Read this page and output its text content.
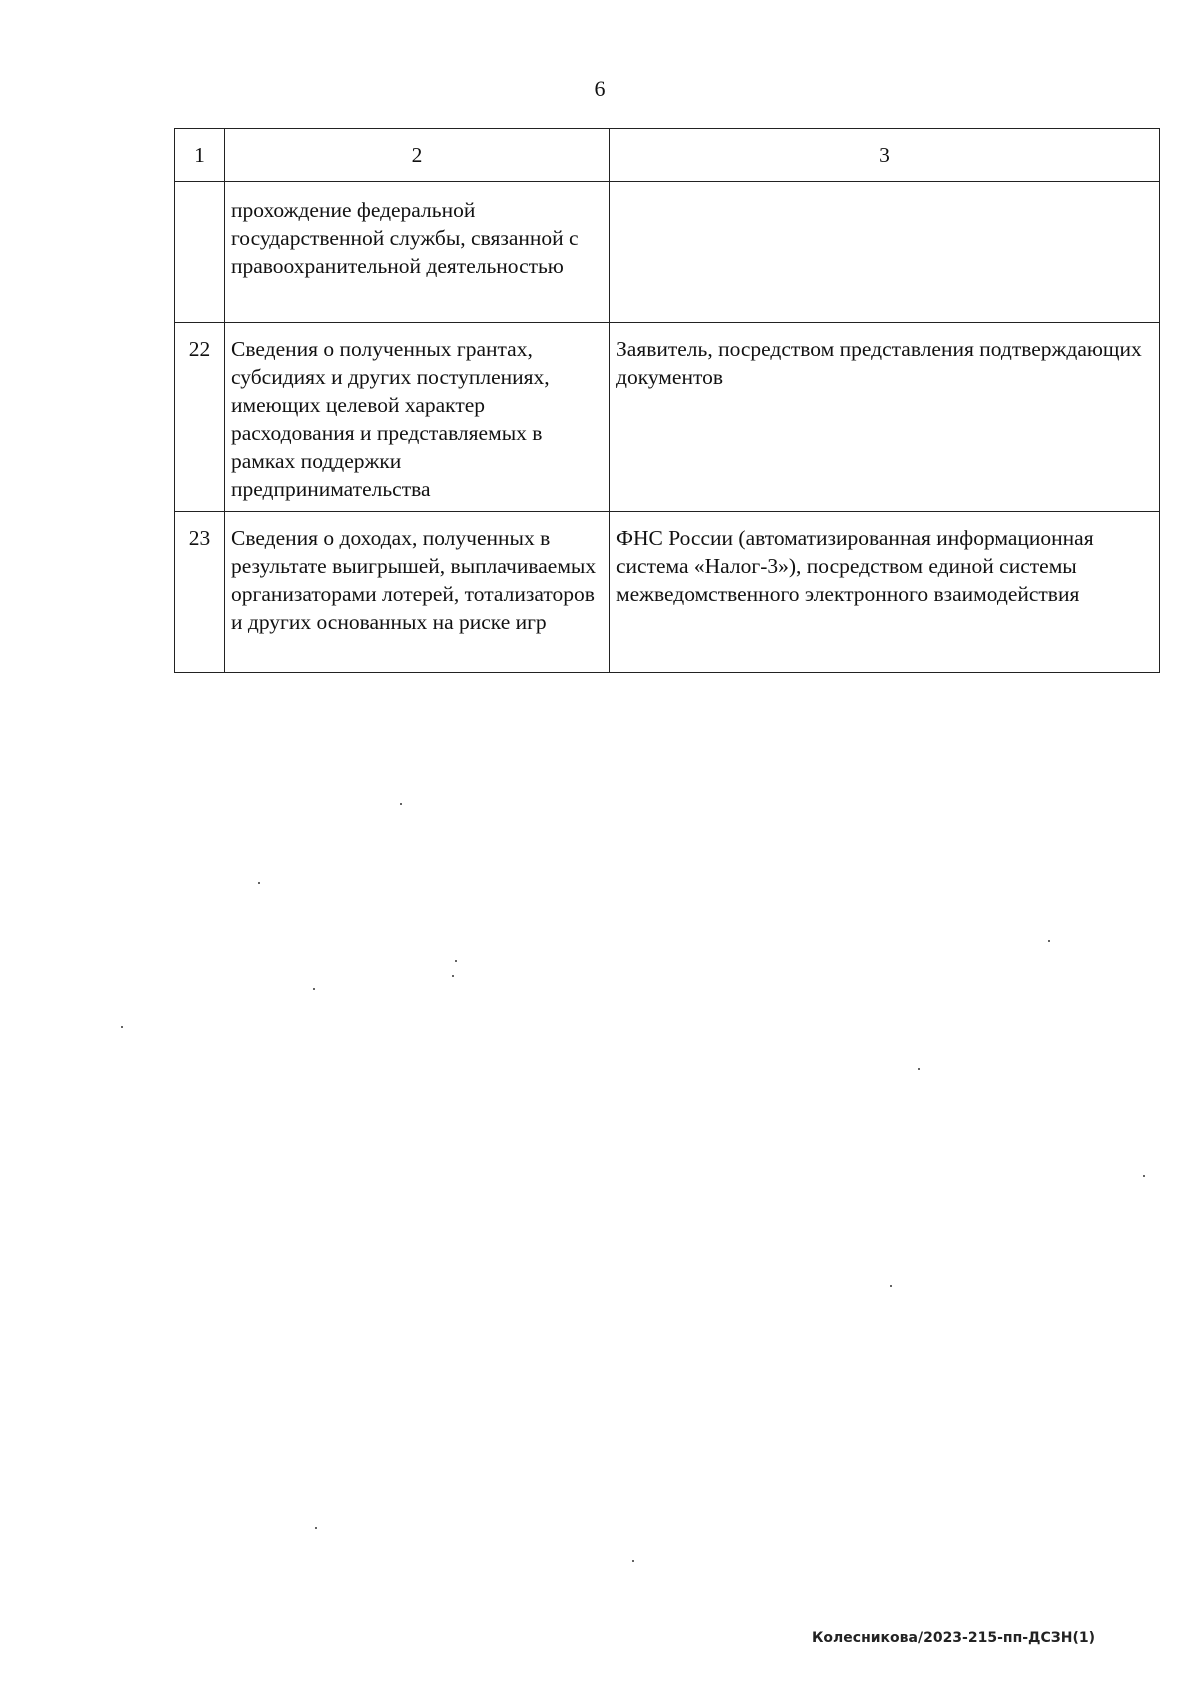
6
1	2	3

	прохождение федеральной государственной службы, связанной с правоохранительной деятельностью	

22	Сведения о полученных грантах, субсидиях и других поступлениях, имеющих целевой характер расходования и представляемых в рамках поддержки предпринимательства	Заявитель, посредством представления подтверждающих документов

23	Сведения о доходах, полученных в результате выигрышей, выплачиваемых организаторами лотерей, тотализаторов и других основанных на риске игр	ФНС России (автоматизированная информационная система «Налог-3»), посредством единой системы межведомственного электронного взаимодействия
Колесникова/2023-215-пп-ДСЗН(1)
